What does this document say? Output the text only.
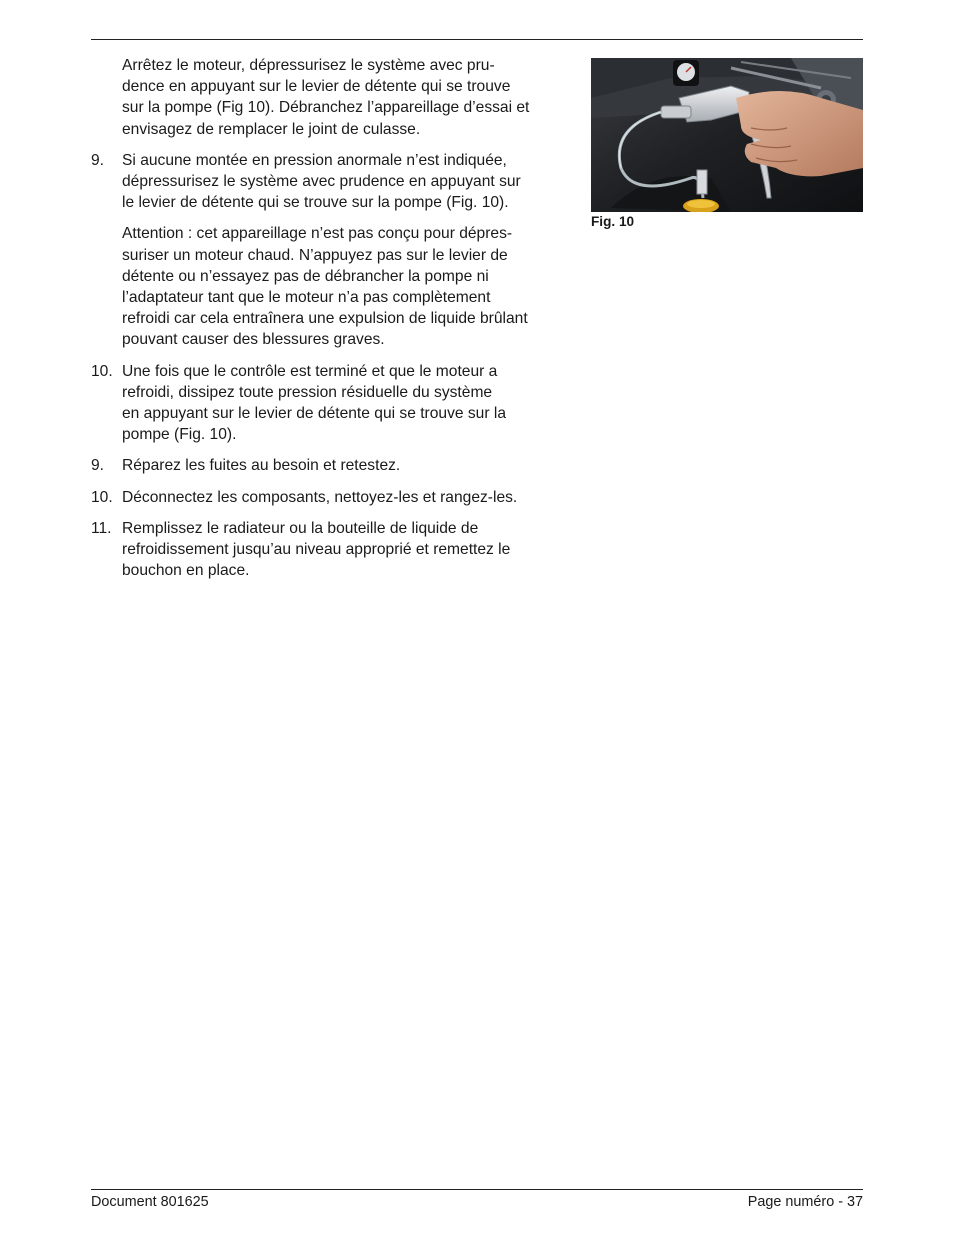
Arrêtez le moteur, dépressurisez le système avec pru-
dence en appuyant sur le levier de détente qui se trouve
sur la pompe (Fig 10). Débranchez l’appareillage d’essai et
envisagez de remplacer le joint de culasse.

9.	Si aucune montée en pression anormale n’est indiquée,
dépressurisez le système avec prudence en appuyant sur
le levier de détente qui se trouve sur la pompe (Fig. 10).

Attention : cet appareillage n’est pas conçu pour dépres-
suriser un moteur chaud. N’appuyez pas sur le levier de
détente ou n’essayez pas de débrancher la pompe ni
l’adaptateur tant que le moteur n’a pas complètement
refroidi car cela entraînera une expulsion de liquide brûlant
pouvant causer des blessures graves.

10. Une fois que le contrôle est terminé et que le moteur a
refroidi, dissipez toute pression résiduelle du système
en appuyant sur le levier de détente qui se trouve sur la
pompe (Fig. 10).
9.	Réparez les fuites au besoin et retestez.
10. Déconnectez les composants, nettoyez-les et rangez-les.
11. Remplissez le radiateur ou la bouteille de liquide de
refroidissement jusqu’au niveau approprié et remettez le
bouchon en place.
Fig. 10
Document 801625	Page numéro - 37
